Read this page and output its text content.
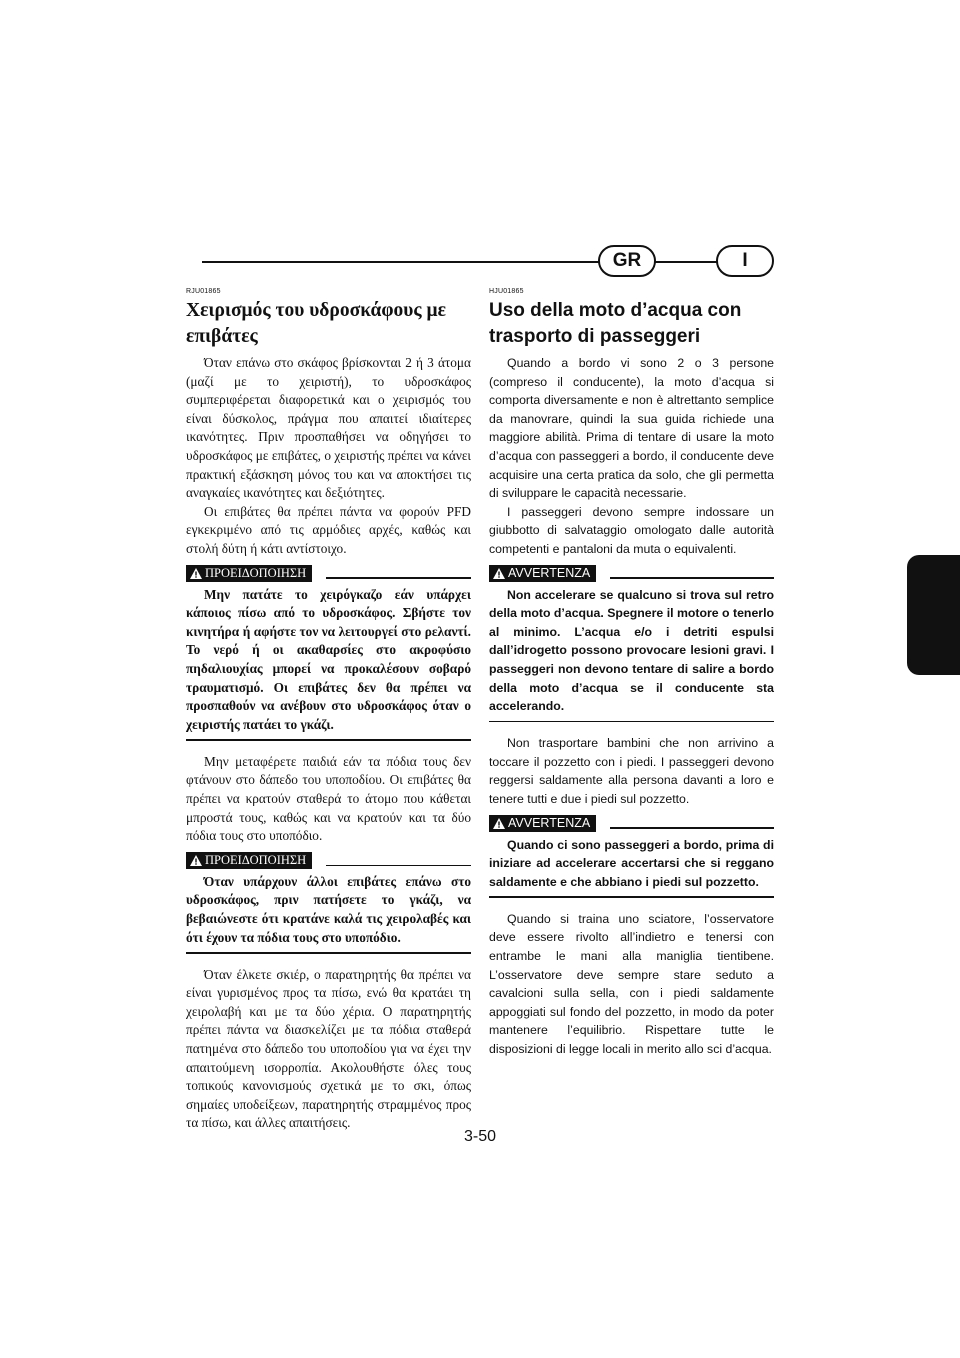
GR	I
RJU01865
Χειρισμός του υδροσκάφους με επιβάτες

Όταν επάνω στο σκάφος βρίσκονται 2 ή 3 άτομα (μαζί με το χειριστή), το υδροσκάφος συμπεριφέρεται διαφορετικά και ο χειρισμός του είναι δύσκολος, πράγμα που απαιτεί ιδιαίτερες ικανότητες. Πριν προσπαθήσει να οδηγήσει το υδροσκάφος με επιβάτες, ο χειριστής πρέπει να κάνει πρακτική εξάσκηση μόνος του και να αποκτήσει τις αναγκαίες ικανότητες και δεξιότητες.

Οι επιβάτες θα πρέπει πάντα να φορούν PFD εγκεκριμένο από τις αρμόδιες αρχές, καθώς και στολή δύτη ή κάτι αντίστοιχο.

ΠΡΟΕΙΔΟΠΟΙΗΣΗ

Μην πατάτε το χειρόγκαζο εάν υπάρχει κάποιος πίσω από το υδροσκάφος. Σβήστε τον κινητήρα ή αφήστε τον να λειτουργεί στο ρελαντί. Το νερό ή οι ακαθαρσίες στο ακροφύσιο πηδαλιουχίας μπορεί να προκαλέσουν σοβαρό τραυματισμό. Οι επιβάτες δεν θα πρέπει να προσπαθούν να ανέβουν στο υδροσκάφος όταν ο χειριστής πατάει το γκάζι.

Μην μεταφέρετε παιδιά εάν τα πόδια τους δεν φτάνουν στο δάπεδο του υποποδίου. Οι επιβάτες θα πρέπει να κρατούν σταθερά το άτομο που κάθεται μπροστά τους, καθώς και να κρατούν και τα δύο πόδια τους στο υποπόδιο.

ΠΡΟΕΙΔΟΠΟΙΗΣΗ

Όταν υπάρχουν άλλοι επιβάτες επάνω στο υδροσκάφος, πριν πατήσετε το γκάζι, να βεβαιώνεστε ότι κρατάνε καλά τις χειρολαβές και ότι έχουν τα πόδια τους στο υποπόδιο.

Όταν έλκετε σκιέρ, ο παρατηρητής θα πρέπει να είναι γυρισμένος προς τα πίσω, ενώ θα κρατάει τη χειρολαβή και με τα δύο χέρια. Ο παρατηρητής πρέπει πάντα να διασκελίζει με τα πόδια σταθερά πατημένα στο δάπεδο του υποποδίου για να έχει την απαιτούμενη ισορροπία. Ακολουθήστε όλες τους τοπικούς κανονισμούς σχετικά με το σκι, όπως σημαίες υποδείξεων, παρατηρητής στραμμένος προς τα πίσω, και άλλες απαιτήσεις.

HJU01865
Uso della moto d’acqua con trasporto di passeggeri

Quando a bordo vi sono 2 o 3 persone (compreso il conducente), la moto d’acqua si comporta diversamente e non è altrettanto semplice da manovrare, quindi la sua guida richiede una maggiore abilità. Prima di tentare di usare la moto d’acqua con passeggeri a bordo, il conducente deve acquisire una certa pratica da solo, che gli permetta di sviluppare le capacità necessarie.

I passeggeri devono sempre indossare un giubbotto di salvataggio omologato dalle autorità competenti e pantaloni da muta o equivalenti.

AVVERTENZA

Non accelerare se qualcuno si trova sul retro della moto d’acqua. Spegnere il motore o tenerlo al minimo. L’acqua e/o i detriti espulsi dall’idrogetto possono provocare lesioni gravi. I passeggeri non devono tentare di salire a bordo della moto d’acqua se il conducente sta accelerando.

Non trasportare bambini che non arrivino a toccare il pozzetto con i piedi. I passeggeri devono reggersi saldamente alla persona davanti a loro e tenere tutti e due i piedi sul pozzetto.

AVVERTENZA

Quando ci sono passeggeri a bordo, prima di iniziare ad accelerare accertarsi che si reggano saldamente e che abbiano i piedi sul pozzetto.

Quando si traina uno sciatore, l’osservatore deve essere rivolto all’indietro e tenersi con entrambe le mani alla maniglia tientibene. L’osservatore deve sempre stare seduto a cavalcioni sulla sella, con i piedi saldamente appoggiati sul fondo del pozzetto, in modo da poter mantenere l’equilibrio. Rispettare tutte le disposizioni di legge locali in merito allo sci d’acqua.

3-50
